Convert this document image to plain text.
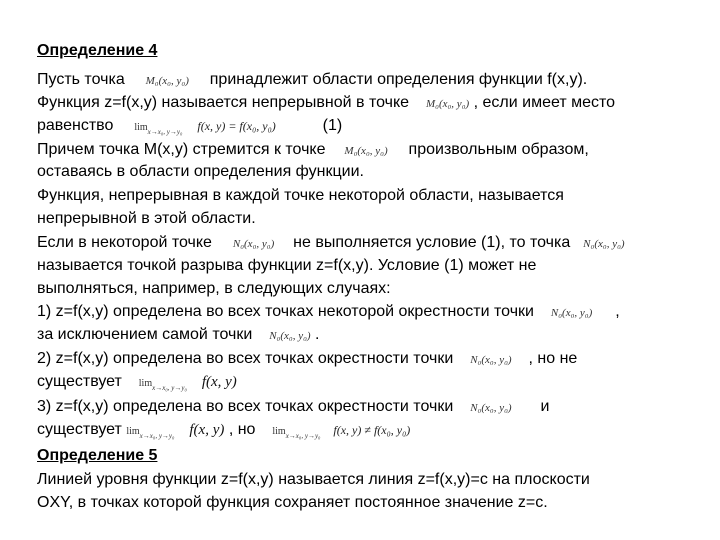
Определение 4
Пусть точка M₀(x₀, y₀) принадлежит области определения функции f(x,y).
Функция z=f(x,y) называется непрерывной в точке M₀(x₀, y₀) , если имеет место
равенство $\lim_{x\to x_0, y\to y_0} f(x$, y) = f(x₀, y₀)	(1)
Причем точка M(x,y) стремится к точке M₀(x₀, y₀) произвольным образом,
оставаясь в области определения функции.
Функция, непрерывная в каждой точке некоторой области, называется
непрерывной в этой области.
Если в некоторой точке N₀(x₀, y₀) не выполняется условие (1), то точка N₀(x₀, y₀)
называется точкой разрыва функции z=f(x,y). Условие (1) может не
выполняться, например, в следующих случаях:
1) z=f(x,y) определена во всех точках некоторой окрестности точки N₀(x₀, y₀) ,
за исключением самой точки N₀(x₀, y₀) .
2) z=f(x,y) определена во всех точках окрестности точки N₀(x₀, y₀) , но не
существует $\lim_{x\to x_0, y\to y_0} f(x$, y)
3) z=f(x,y) определена во всех точках окрестности точки N₀(x₀, y₀) и
существует $\lim_{x\to x_0, y\to y_0} f(x$, y) , но $\lim_{x\to x_0, y\to y_0} f(x$, y) ≠ f(x₀, y₀)
Определение 5
Линией уровня функции z=f(x,y) называется линия z=f(x,y)=c на плоскости
OXY, в точках которой функция сохраняет постоянное значение z=c.
